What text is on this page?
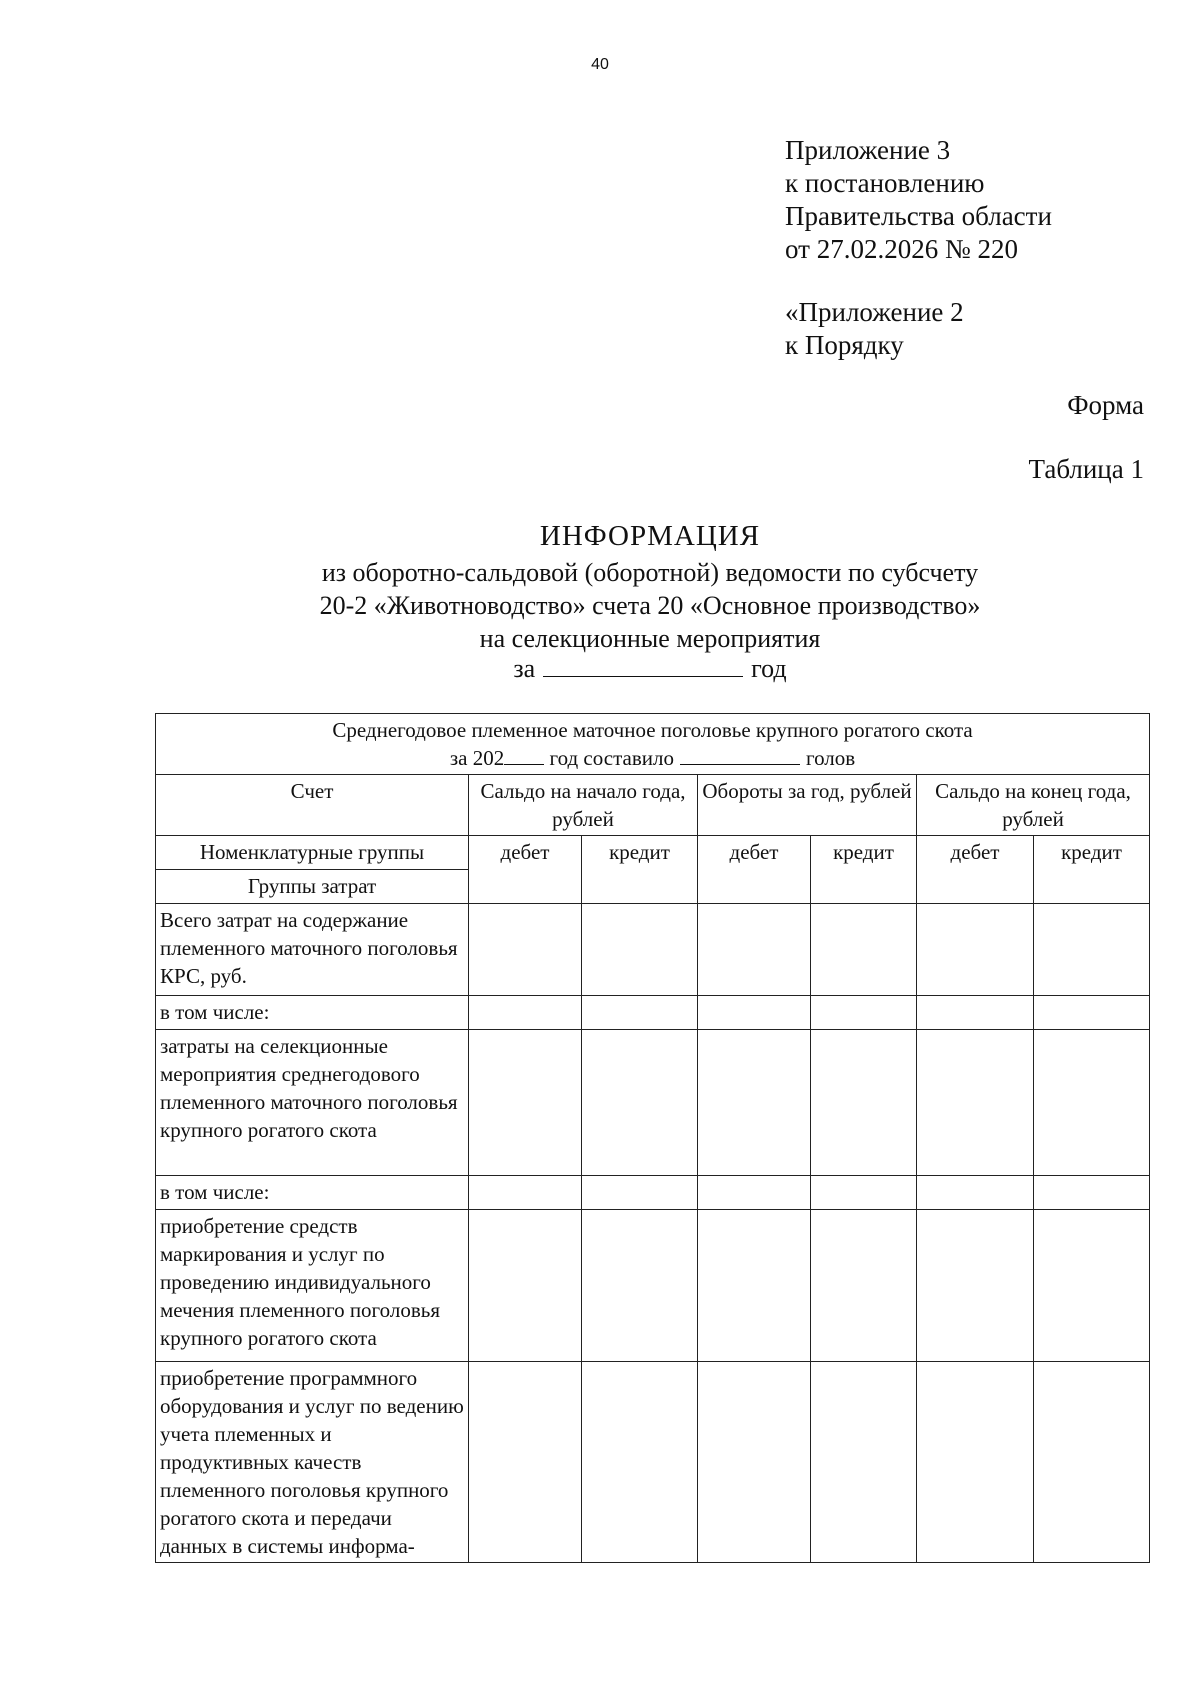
40
Приложение 3
к постановлению
Правительства области
от 27.02.2026 № 220
«Приложение 2
к Порядку
Форма
Таблица 1
ИНФОРМАЦИЯ
из оборотно-сальдовой (оборотной) ведомости по субсчету
20-2 «Животноводство» счета 20 «Основное производство»
на селекционные мероприятия
за	год
Среднегодовое племенное маточное поголовье крупного рогатого скота
за 202 год составило голов						

Счет	Сальдо на начало года, рублей		Обороты за год, рублей		Сальдо на конец года, рублей	
Номенклатурные группы	дебет	кредит	дебет	кредит	дебет	кредит
Группы затрат						
Всего затрат на содержание племенного маточного поголовья КРС, руб.						
в том числе:						
затраты на селекционные мероприятия среднегодового племенного маточного поголовья крупного рогатого скота						
в том числе:						
приобретение средств маркирования и услуг по проведению индивидуального мечения племенного поголовья крупного рогатого скота						
приобретение программного оборудования и услуг по ведению учета племенных и продуктивных качеств племенного поголовья крупного рогатого скота и передачи данных в системы информа-						
